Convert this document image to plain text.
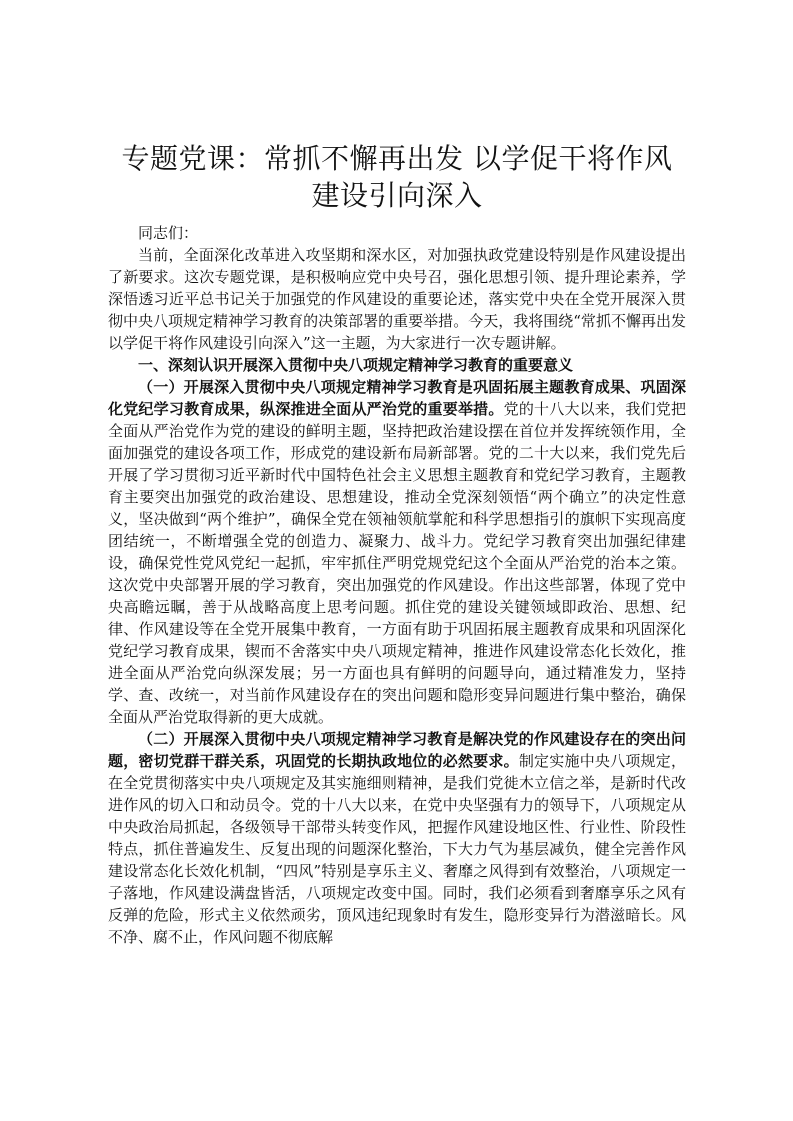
专题党课：常抓不懈再出发 以学促干将作风建设引向深入

同志们：

当前，全面深化改革进入攻坚期和深水区，对加强执政党建设特别是作风建设提出了新要求。这次专题党课，是积极响应党中央号召，强化思想引领、提升理论素养，学深悟透习近平总书记关于加强党的作风建设的重要论述，落实党中央在全党开展深入贯彻中央八项规定精神学习教育的决策部署的重要举措。今天，我将围绕“常抓不懈再出发以学促干将作风建设引向深入”这一主题，为大家进行一次专题讲解。

一、深刻认识开展深入贯彻中央八项规定精神学习教育的重要意义

（一）开展深入贯彻中央八项规定精神学习教育是巩固拓展主题教育成果、巩固深化党纪学习教育成果，纵深推进全面从严治党的重要举措。党的十八大以来，我们党把全面从严治党作为党的建设的鲜明主题，坚持把政治建设摆在首位并发挥统领作用，全面加强党的建设各项工作，形成党的建设新布局新部署。党的二十大以来，我们党先后开展了学习贯彻习近平新时代中国特色社会主义思想主题教育和党纪学习教育，主题教育主要突出加强党的政治建设、思想建设，推动全党深刻领悟“两个确立”的决定性意义，坚决做到“两个维护”，确保全党在领袖领航掌舵和科学思想指引的旗帜下实现高度团结统一，不断增强全党的创造力、凝聚力、战斗力。党纪学习教育突出加强纪律建设，确保党性党风党纪一起抓，牢牢抓住严明党规党纪这个全面从严治党的治本之策。这次党中央部署开展的学习教育，突出加强党的作风建设。作出这些部署，体现了党中央高瞻远瞩，善于从战略高度上思考问题。抓住党的建设关键领域即政治、思想、纪律、作风建设等在全党开展集中教育，一方面有助于巩固拓展主题教育成果和巩固深化党纪学习教育成果，锲而不舍落实中央八项规定精神，推进作风建设常态化长效化，推进全面从严治党向纵深发展；另一方面也具有鲜明的问题导向，通过精准发力，坚持学、查、改统一，对当前作风建设存在的突出问题和隐形变异问题进行集中整治，确保全面从严治党取得新的更大成就。

（二）开展深入贯彻中央八项规定精神学习教育是解决党的作风建设存在的突出问题，密切党群干群关系，巩固党的长期执政地位的必然要求。制定实施中央八项规定，在全党贯彻落实中央八项规定及其实施细则精神，是我们党徙木立信之举，是新时代改进作风的切入口和动员令。党的十八大以来，在党中央坚强有力的领导下，八项规定从中央政治局抓起，各级领导干部带头转变作风，把握作风建设地区性、行业性、阶段性特点，抓住普遍发生、反复出现的问题深化整治，下大力气为基层减负，健全完善作风建设常态化长效化机制，“四风”特别是享乐主义、奢靡之风得到有效整治，八项规定一子落地，作风建设满盘皆活，八项规定改变中国。同时，我们必须看到奢靡享乐之风有反弹的危险，形式主义依然顽劣，顶风违纪现象时有发生，隐形变异行为潜滋暗长。风不净、腐不止，作风问题不彻底解
